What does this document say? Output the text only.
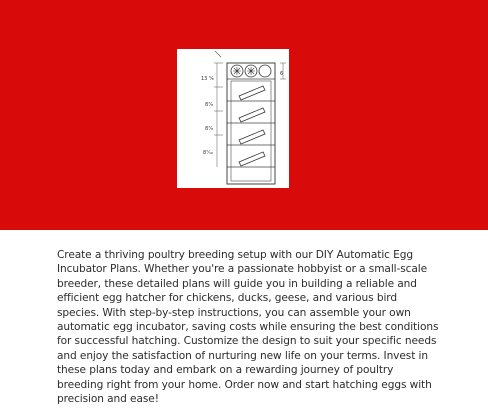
13 ⁵⁄₈
8⁷⁄₈
8⁷⁄₈
8⁷⁄₁₆
6

Create a thriving poultry breeding setup with our DIY Automatic Egg Incubator Plans. Whether you're a passionate hobbyist or a small-scale breeder, these detailed plans will guide you in building a reliable and efficient egg hatcher for chickens, ducks, geese, and various bird species. With step-by-step instructions, you can assemble your own automatic egg incubator, saving costs while ensuring the best conditions for successful hatching. Customize the design to suit your specific needs and enjoy the satisfaction of nurturing new life on your terms. Invest in these plans today and embark on a rewarding journey of poultry breeding right from your home. Order now and start hatching eggs with precision and ease!
